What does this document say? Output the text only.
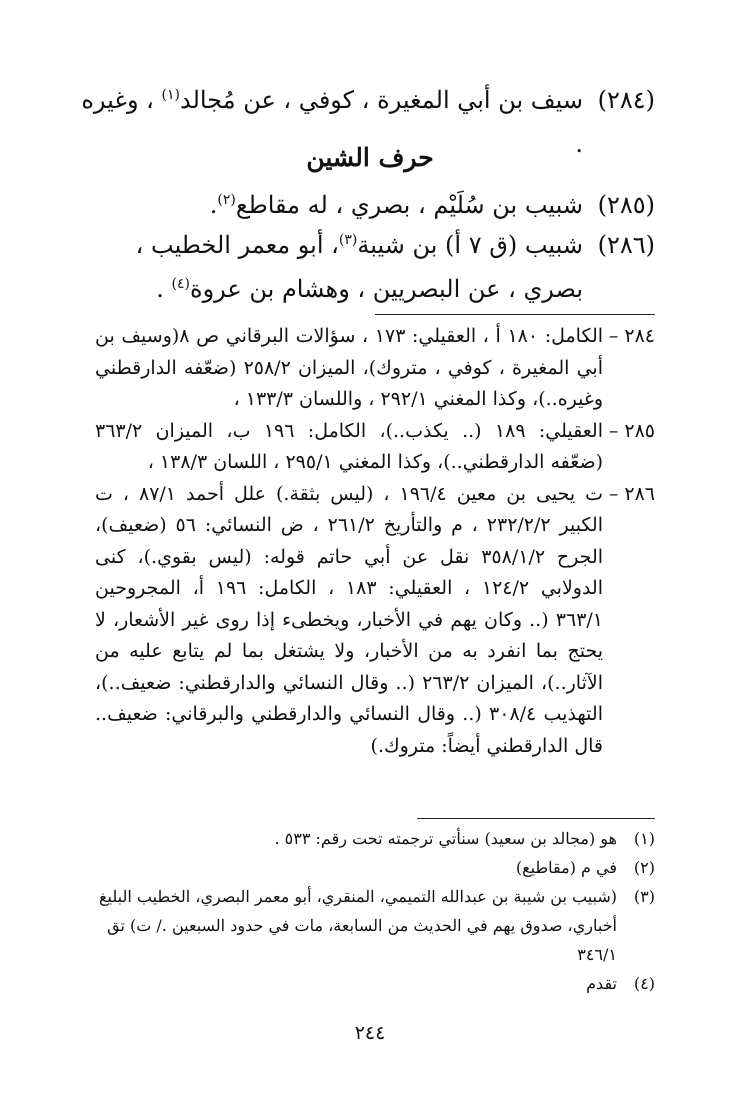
(٢٨٤)
سيف بن أبي المغيرة ، كوفي ، عن مُجالد$^{(١)}$ ، وغيره .
حرف الشين
(٢٨٥)
شبيب بن سُلَيْم ، بصري ، له مقاطع$^{(٢)}$.
(٢٨٦)
شبيب (ق ٧ أ) بن شيبة$^{(٣)}$، أبو معمر الخطيب ، بصري ، عن البصريين ، وهشام بن عروة$^{(٤)}$ .
٢٨٤ –
الكامل: ١٨٠ أ ، العقيلي: ١٧٣ ، سؤالات البرقاني ص ٨(وسيف بن أبي المغيرة ، كوفي ، متروك)، الميزان ٢٥٨/٢ (ضعّفه الدارقطني وغيره..)، وكذا المغني ٢٩٢/١ ، واللسان ١٣٣/٣ ،
٢٨٥ –
العقيلي: ١٨٩ (.. يكذب..)، الكامل: ١٩٦ ب، الميزان ٣٦٣/٢ (ضعّفه الدارقطني..)، وكذا المغني ٢٩٥/١ ، اللسان ١٣٨/٣ ،
٢٨٦ –
ت يحيى بن معين ١٩٦/٤ ، (ليس بثقة.) علل أحمد ٨٧/١ ، ت الكبير ٢٣٢/٢/٢ ، م والتأريخ ٢٦١/٢ ، ض النسائي: ٥٦ (ضعيف)، الجرح ٣٥٨/١/٢ نقل عن أبي حاتم قوله: (ليس بقوي.)، كنى الدولابي ١٢٤/٢ ، العقيلي: ١٨٣ ، الكامل: ١٩٦ أ، المجروحين ٣٦٣/١ (.. وكان يهم في الأخبار، ويخطىء إذا روى غير الأشعار، لا يحتج بما انفرد به من الأخبار، ولا يشتغل بما لم يتابع عليه من الآثار..)، الميزان ٢٦٣/٢ (.. وقال النسائي والدارقطني: ضعيف..)، التهذيب ٣٠٨/٤ (.. وقال النسائي والدارقطني والبرقاني: ضعيف.. قال الدارقطني أيضاً: متروك.)
(١)
هو (مجالد بن سعيد) سنأتي ترجمته تحت رقم: ٥٣٣ .
(٢)
في م (مقاطيع)
(٣)
(شبيب بن شيبة بن عبدالله التميمي، المنقري، أبو معمر البصري، الخطيب البليغ أخباري، صدوق يهم في الحديث من السابعة، مات في حدود السبعين ./ ت) تق ٣٤٦/١
(٤)
تقدم
٢٤٤
